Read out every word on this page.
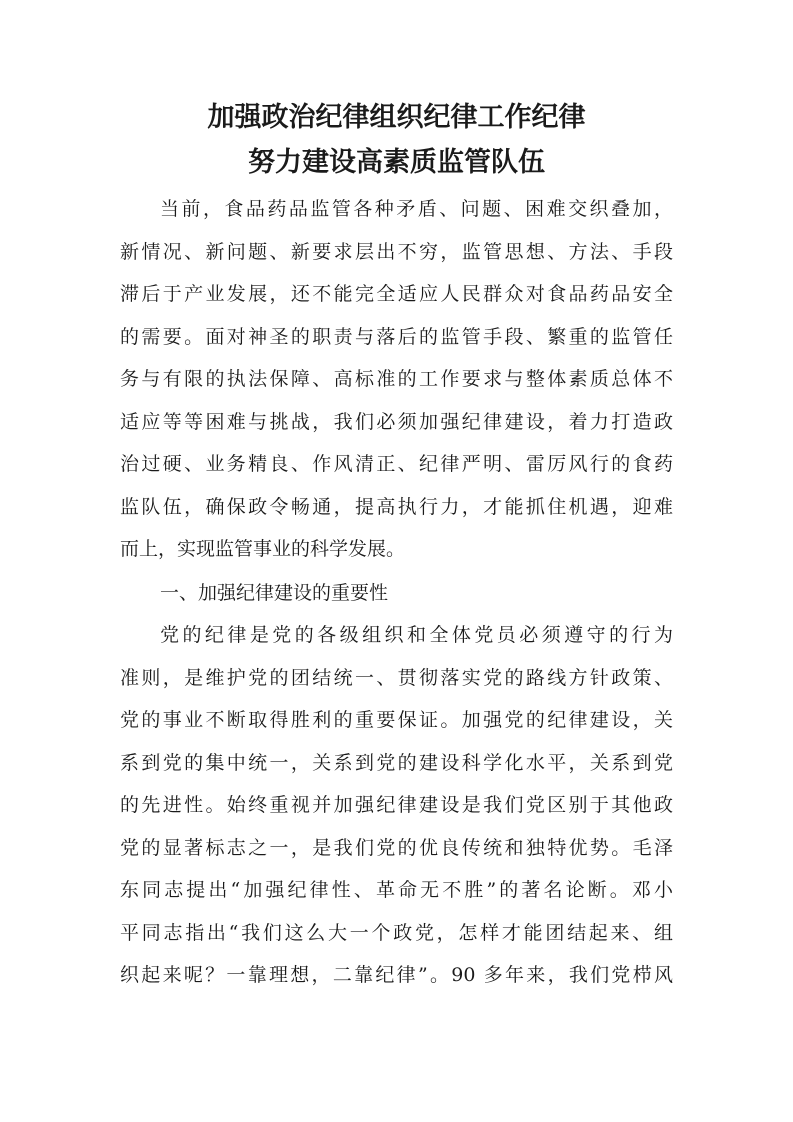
加强政治纪律组织纪律工作纪律
努力建设高素质监管队伍
当前，食品药品监管各种矛盾、问题、困难交织叠加，
新情况、新问题、新要求层出不穷，监管思想、方法、手段
滞后于产业发展，还不能完全适应人民群众对食品药品安全
的需要。面对神圣的职责与落后的监管手段、繁重的监管任
务与有限的执法保障、高标准的工作要求与整体素质总体不
适应等等困难与挑战，我们必须加强纪律建设，着力打造政
治过硬、业务精良、作风清正、纪律严明、雷厉风行的食药
监队伍，确保政令畅通，提高执行力，才能抓住机遇，迎难
而上，实现监管事业的科学发展。
一、加强纪律建设的重要性
党的纪律是党的各级组织和全体党员必须遵守的行为
准则，是维护党的团结统一、贯彻落实党的路线方针政策、
党的事业不断取得胜利的重要保证。加强党的纪律建设，关
系到党的集中统一，关系到党的建设科学化水平，关系到党
的先进性。始终重视并加强纪律建设是我们党区别于其他政
党的显著标志之一，是我们党的优良传统和独特优势。毛泽
东同志提出“加强纪律性、革命无不胜”的著名论断。邓小
平同志指出“我们这么大一个政党，怎样才能团结起来、组
织起来呢？一靠理想，二靠纪律”。90 多年来，我们党栉风
